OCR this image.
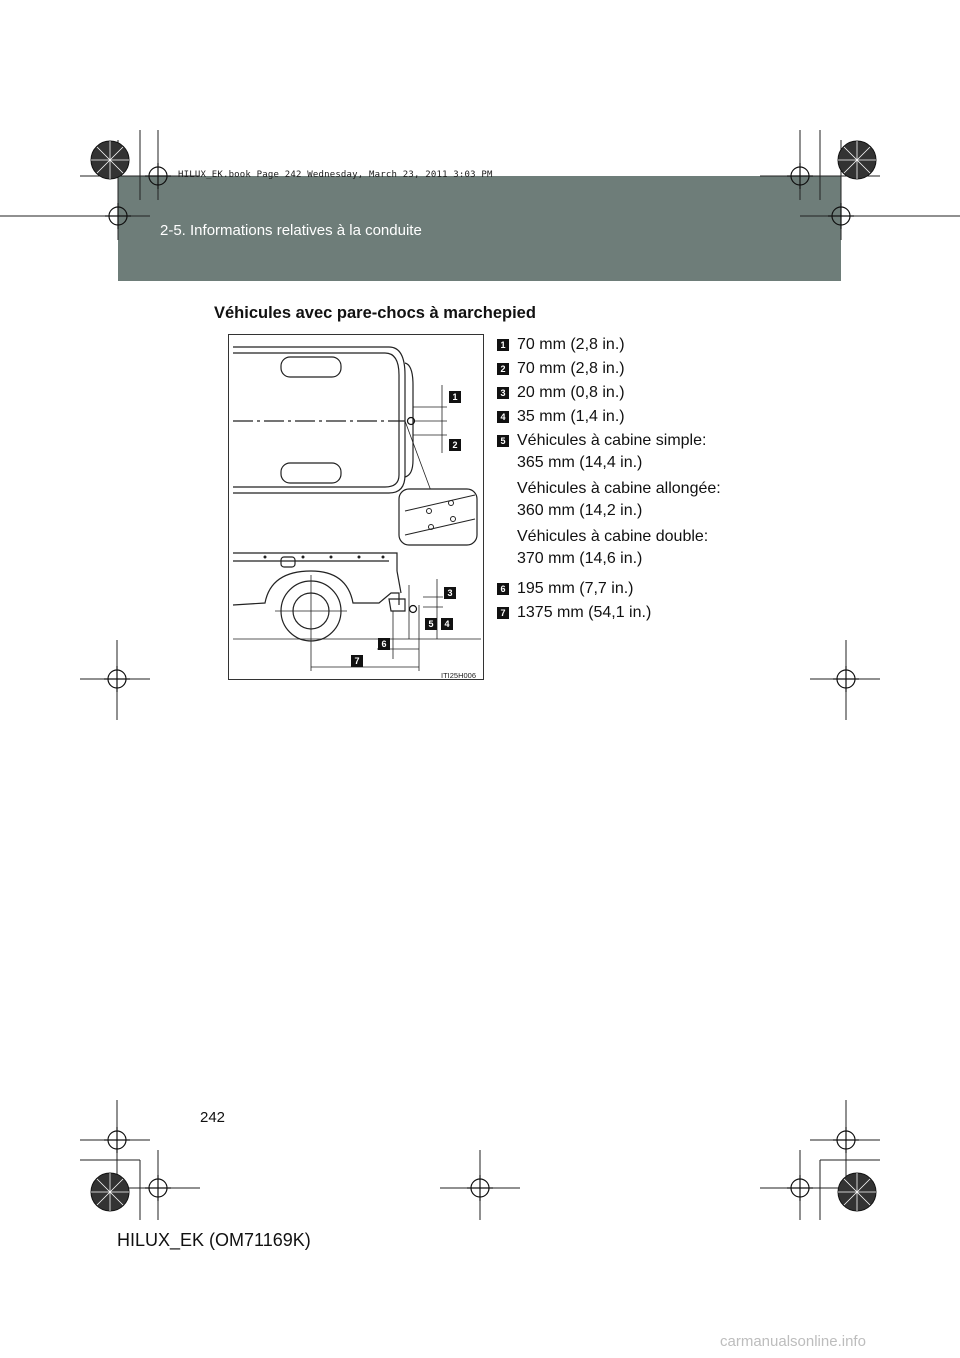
HILUX_EK.book Page 242 Wednesday, March 23, 2011 3:03 PM
2-5. Informations relatives à la conduite
Véhicules avec pare-chocs à marchepied
1
2
3
5 4
6
7
ITI25H006
1 70 mm (2,8 in.)
2 70 mm (2,8 in.)
3 20 mm (0,8 in.)
4 35 mm (1,4 in.)
5 Véhicules à cabine simple:
365 mm (14,4 in.)
Véhicules à cabine allongée:
360 mm (14,2 in.)
Véhicules à cabine double:
370 mm (14,6 in.)
6 195 mm (7,7 in.)
7 1375 mm (54,1 in.)
242
HILUX_EK (OM71169K)
carmanualsonline.info
